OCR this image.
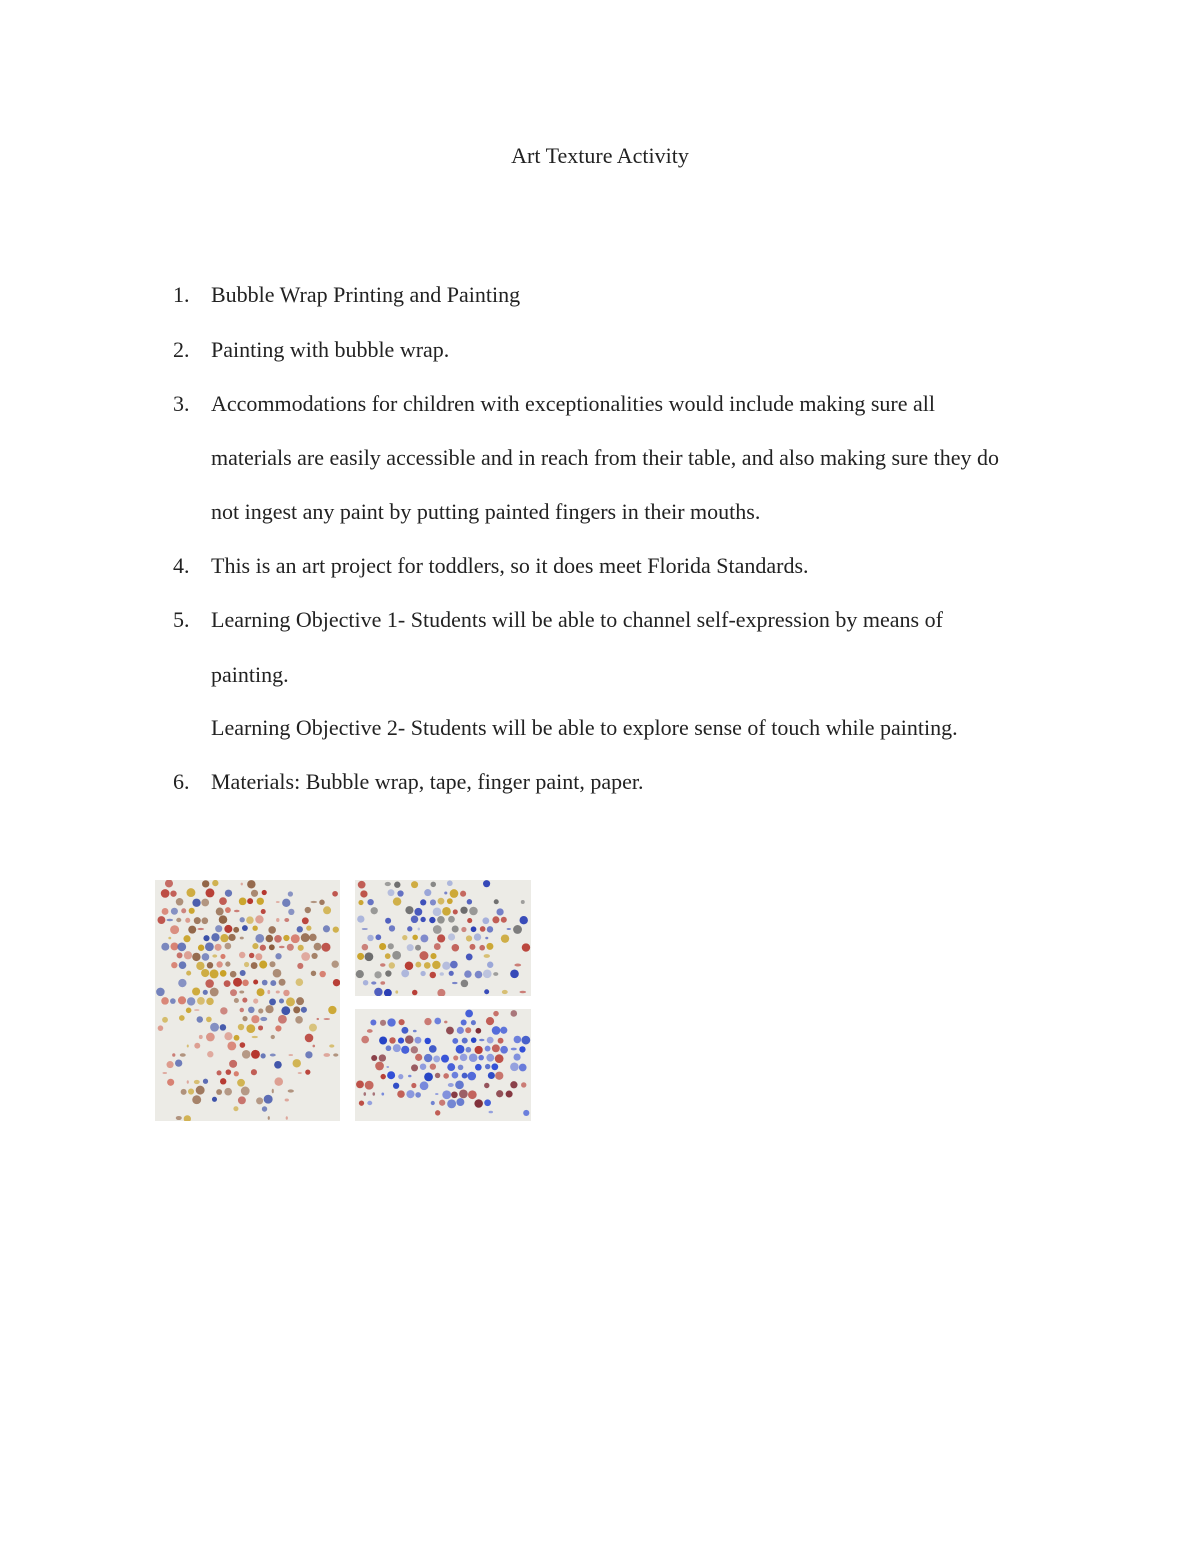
Art Texture Activity
1. Bubble Wrap Printing and Painting
2. Painting with bubble wrap.
3. Accommodations for children with exceptionalities would include making sure all
materials are easily accessible and in reach from their table, and also making sure they do
not ingest any paint by putting painted fingers in their mouths.
4. This is an art project for toddlers, so it does meet Florida Standards.
5. Learning Objective 1- Students will be able to channel self-expression by means of
painting.
Learning Objective 2- Students will be able to explore sense of touch while painting.
6. Materials: Bubble wrap, tape, finger paint, paper.
